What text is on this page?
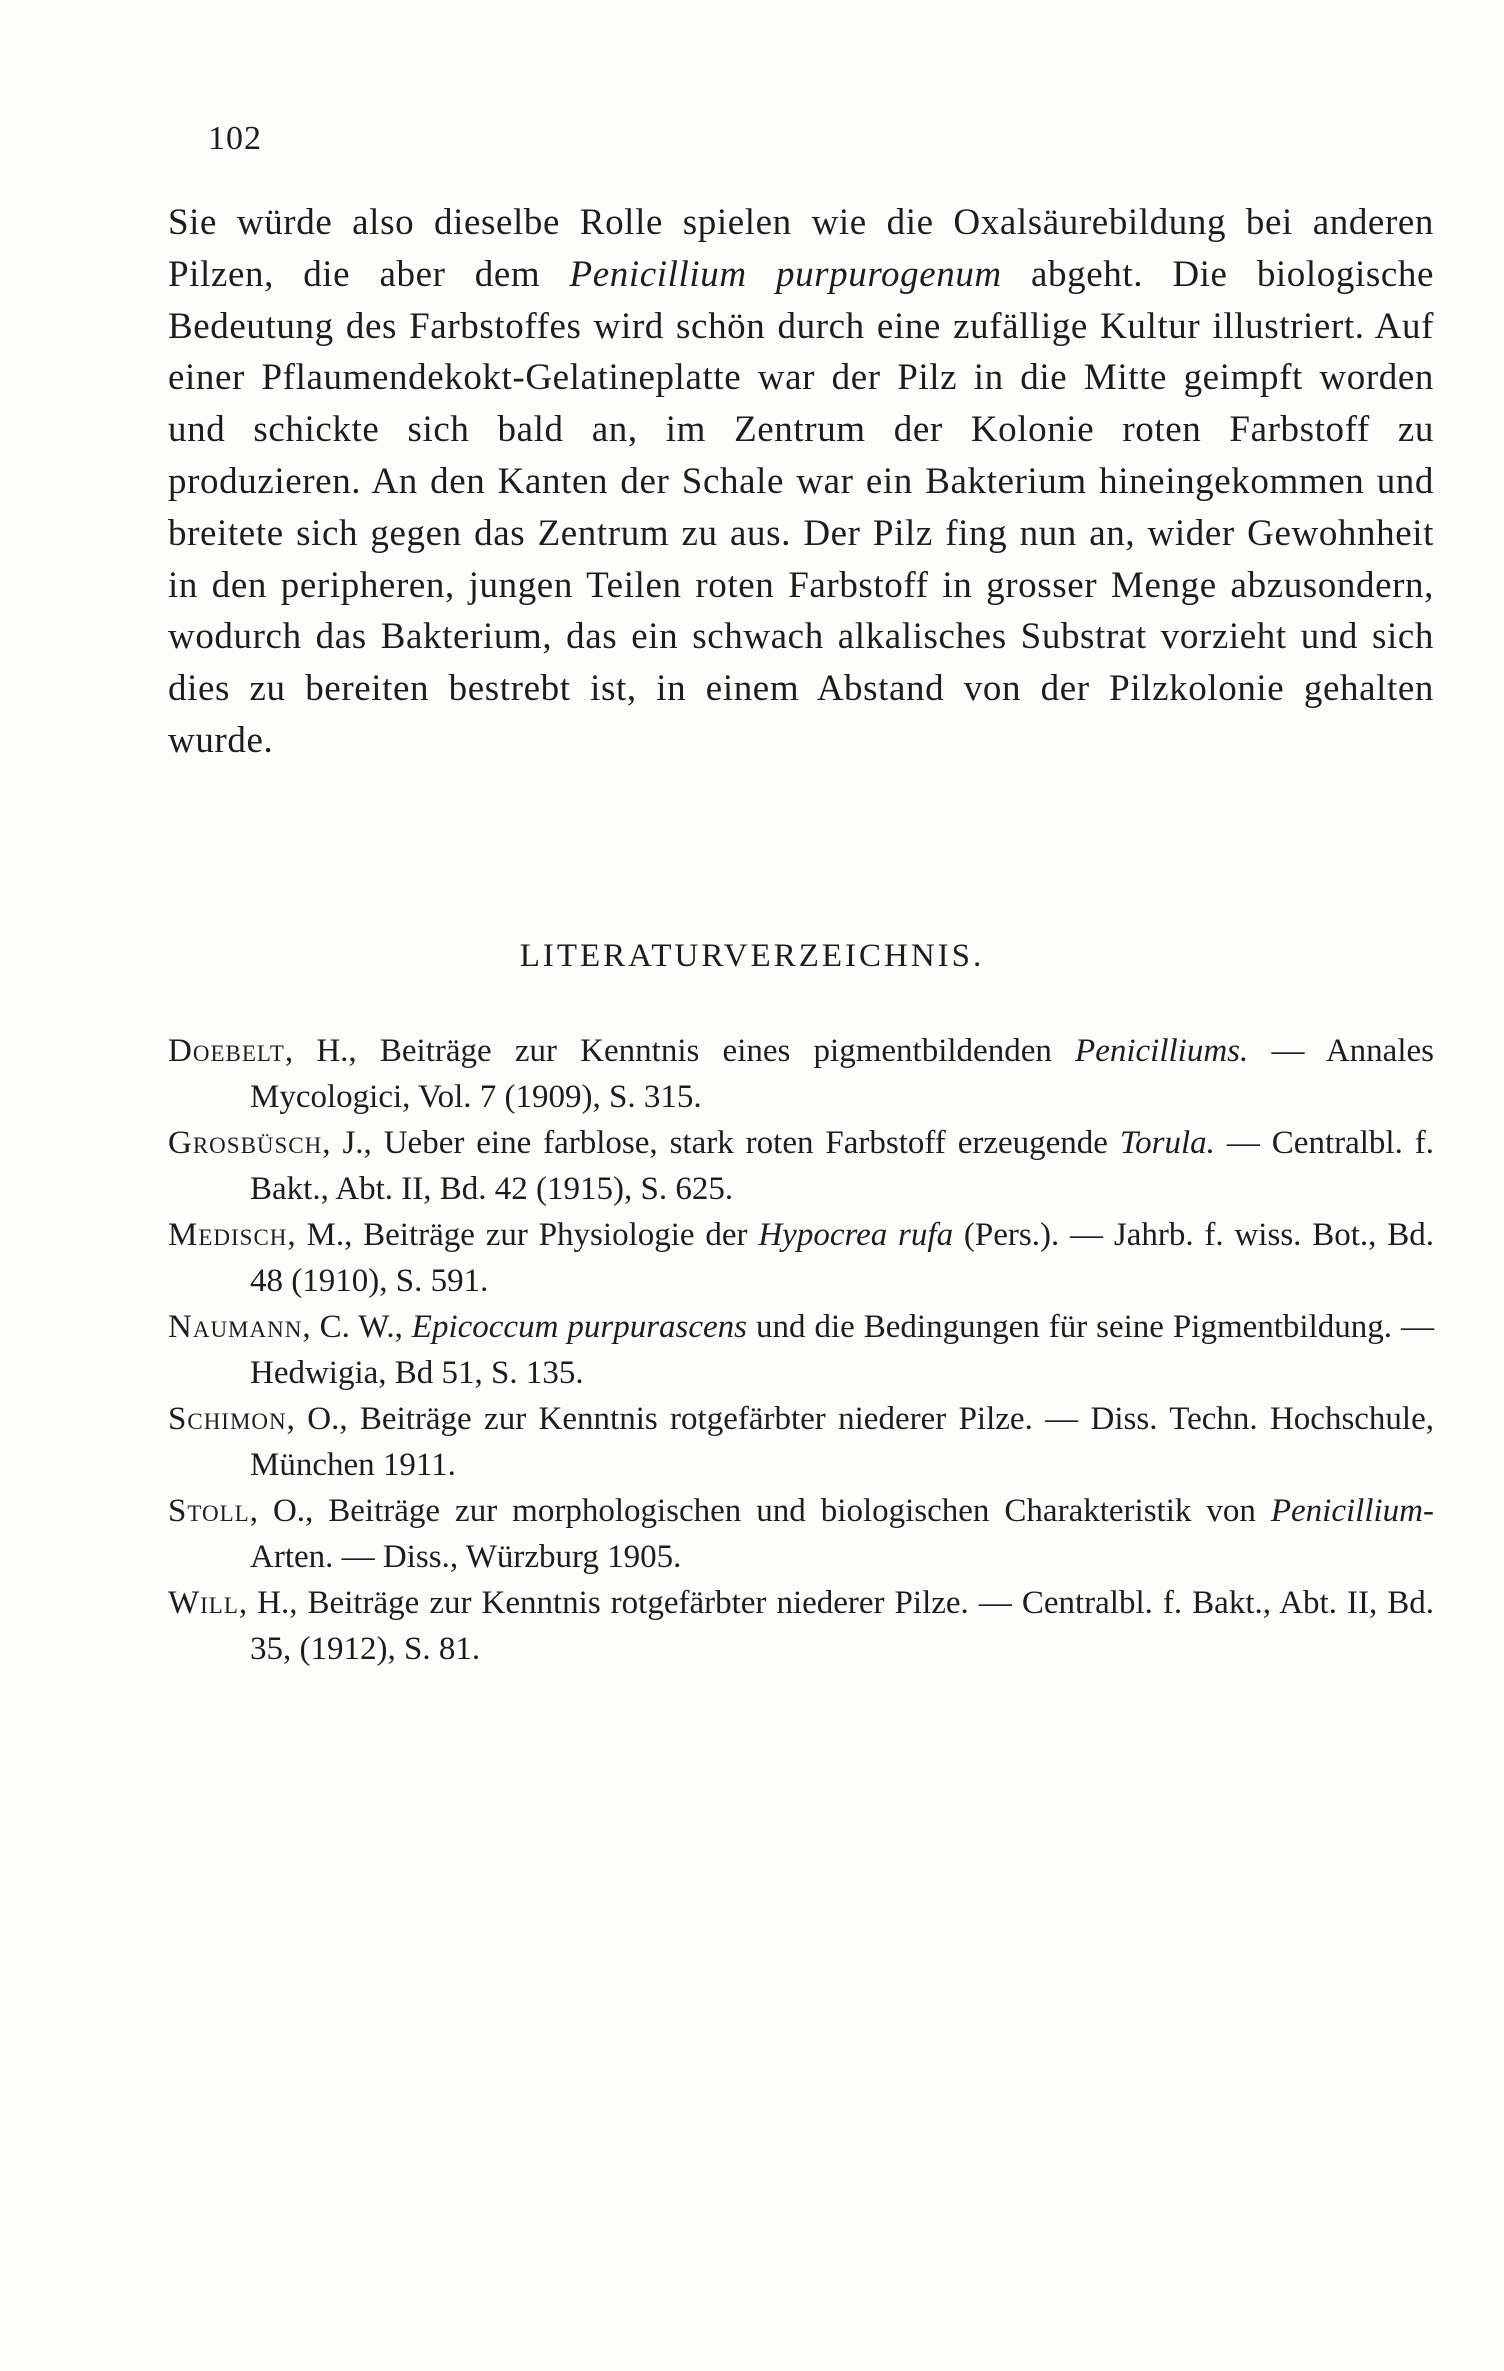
102

Sie würde also dieselbe Rolle spielen wie die Oxalsäurebildung bei anderen Pilzen, die aber dem Penicillium purpurogenum abgeht. Die biologische Bedeutung des Farbstoffes wird schön durch eine zufällige Kultur illustriert. Auf einer Pflaumendekokt-Gelatineplatte war der Pilz in die Mitte geimpft worden und schickte sich bald an, im Zentrum der Kolonie roten Farbstoff zu produzieren. An den Kanten der Schale war ein Bakterium hineingekommen und breitete sich gegen das Zentrum zu aus. Der Pilz fing nun an, wider Gewohnheit in den peripheren, jungen Teilen roten Farbstoff in grosser Menge abzusondern, wodurch das Bakterium, das ein schwach alkalisches Substrat vorzieht und sich dies zu bereiten bestrebt ist, in einem Abstand von der Pilzkolonie gehalten wurde.

LITERATURVERZEICHNIS.

Doebelt, H., Beiträge zur Kenntnis eines pigmentbildenden Penicilliums. — Annales Mycologici, Vol. 7 (1909), S. 315.

Grosbüsch, J., Ueber eine farblose, stark roten Farbstoff erzeugende Torula. — Centralbl. f. Bakt., Abt. II, Bd. 42 (1915), S. 625.

Medisch, M., Beiträge zur Physiologie der Hypocrea rufa (Pers.). — Jahrb. f. wiss. Bot., Bd. 48 (1910), S. 591.

Naumann, C. W., Epicoccum purpurascens und die Bedingungen für seine Pigmentbildung. — Hedwigia, Bd 51, S. 135.

Schimon, O., Beiträge zur Kenntnis rotgefärbter niederer Pilze. — Diss. Techn. Hochschule, München 1911.

Stoll, O., Beiträge zur morphologischen und biologischen Charakteristik von Penicillium-Arten. — Diss., Würzburg 1905.

Will, H., Beiträge zur Kenntnis rotgefärbter niederer Pilze. — Centralbl. f. Bakt., Abt. II, Bd. 35, (1912), S. 81.
